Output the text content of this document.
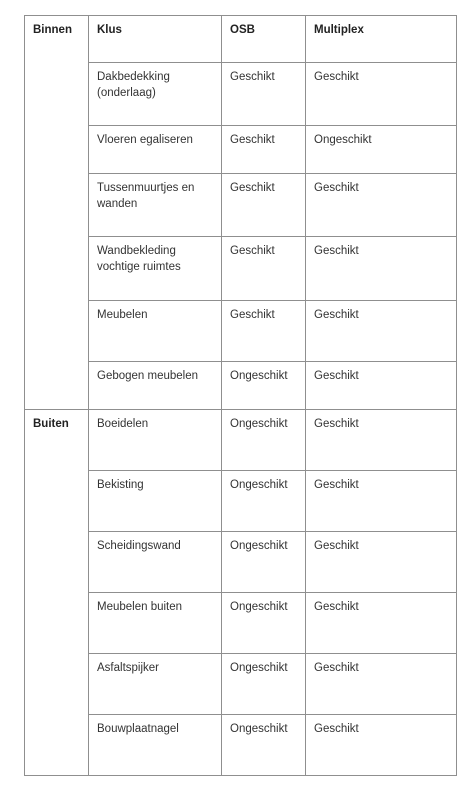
Binnen	Klus	OSB	Multiplex
	Dakbedekking (onderlaag)	Geschikt	Geschikt
	Vloeren egaliseren	Geschikt	Ongeschikt
	Tussenmuurtjes en wanden	Geschikt	Geschikt
	Wandbekleding vochtige ruimtes	Geschikt	Geschikt
	Meubelen	Geschikt	Geschikt
	Gebogen meubelen	Ongeschikt	Geschikt
Buiten	Boeidelen	Ongeschikt	Geschikt
	Bekisting	Ongeschikt	Geschikt
	Scheidingswand	Ongeschikt	Geschikt
	Meubelen buiten	Ongeschikt	Geschikt
	Asfaltspijker	Ongeschikt	Geschikt
	Bouwplaatnagel	Ongeschikt	Geschikt
